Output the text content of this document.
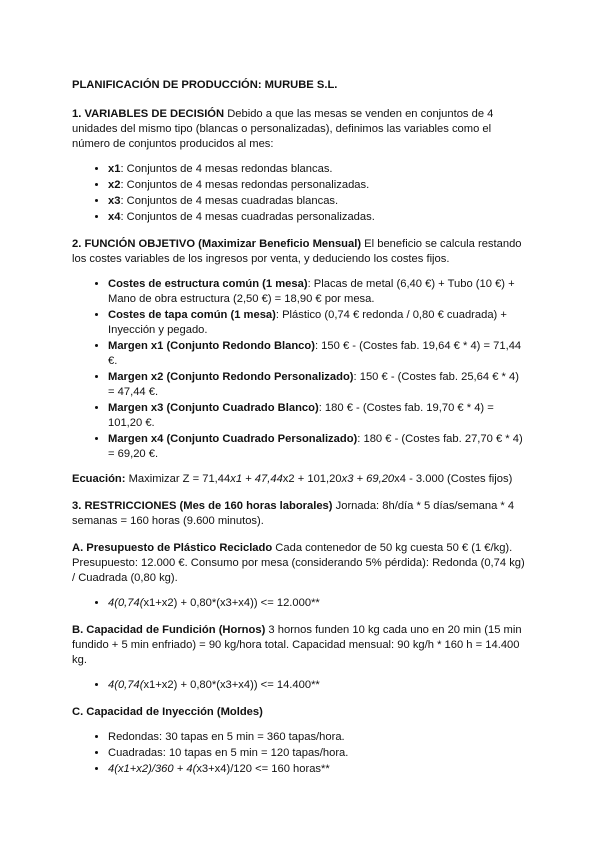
PLANIFICACIÓN DE PRODUCCIÓN: MURUBE S.L.

1. VARIABLES DE DECISIÓN Debido a que las mesas se venden en conjuntos de 4 unidades del mismo tipo (blancas o personalizadas), definimos las variables como el número de conjuntos producidos al mes:

• x1: Conjuntos de 4 mesas redondas blancas.
• x2: Conjuntos de 4 mesas redondas personalizadas.
• x3: Conjuntos de 4 mesas cuadradas blancas.
• x4: Conjuntos de 4 mesas cuadradas personalizadas.

2. FUNCIÓN OBJETIVO (Maximizar Beneficio Mensual) El beneficio se calcula restando los costes variables de los ingresos por venta, y deduciendo los costes fijos.

• Costes de estructura común (1 mesa): Placas de metal (6,40 €) + Tubo (10 €) + Mano de obra estructura (2,50 €) = 18,90 € por mesa.
• Costes de tapa común (1 mesa): Plástico (0,74 € redonda / 0,80 € cuadrada) + Inyección y pegado.
• Margen x1 (Conjunto Redondo Blanco): 150 € - (Costes fab. 19,64 € * 4) = 71,44 €.
• Margen x2 (Conjunto Redondo Personalizado): 150 € - (Costes fab. 25,64 € * 4) = 47,44 €.
• Margen x3 (Conjunto Cuadrado Blanco): 180 € - (Costes fab. 19,70 € * 4) = 101,20 €.
• Margen x4 (Conjunto Cuadrado Personalizado): 180 € - (Costes fab. 27,70 € * 4) = 69,20 €.

Ecuación: Maximizar Z = 71,44x1 + 47,44x2 + 101,20x3 + 69,20x4 - 3.000 (Costes fijos)

3. RESTRICCIONES (Mes de 160 horas laborales) Jornada: 8h/día * 5 días/semana * 4 semanas = 160 horas (9.600 minutos).

A. Presupuesto de Plástico Reciclado Cada contenedor de 50 kg cuesta 50 € (1 €/kg). Presupuesto: 12.000 €. Consumo por mesa (considerando 5% pérdida): Redonda (0,74 kg) / Cuadrada (0,80 kg).

• 4(0,74(x1+x2) + 0,80*(x3+x4)) <= 12.000**

B. Capacidad de Fundición (Hornos) 3 hornos funden 10 kg cada uno en 20 min (15 min fundido + 5 min enfriado) = 90 kg/hora total. Capacidad mensual: 90 kg/h * 160 h = 14.400 kg.

• 4(0,74(x1+x2) + 0,80*(x3+x4)) <= 14.400**

C. Capacidad de Inyección (Moldes)

• Redondas: 30 tapas en 5 min = 360 tapas/hora.
• Cuadradas: 10 tapas en 5 min = 120 tapas/hora.
• 4(x1+x2)/360 + 4(x3+x4)/120 <= 160 horas**
